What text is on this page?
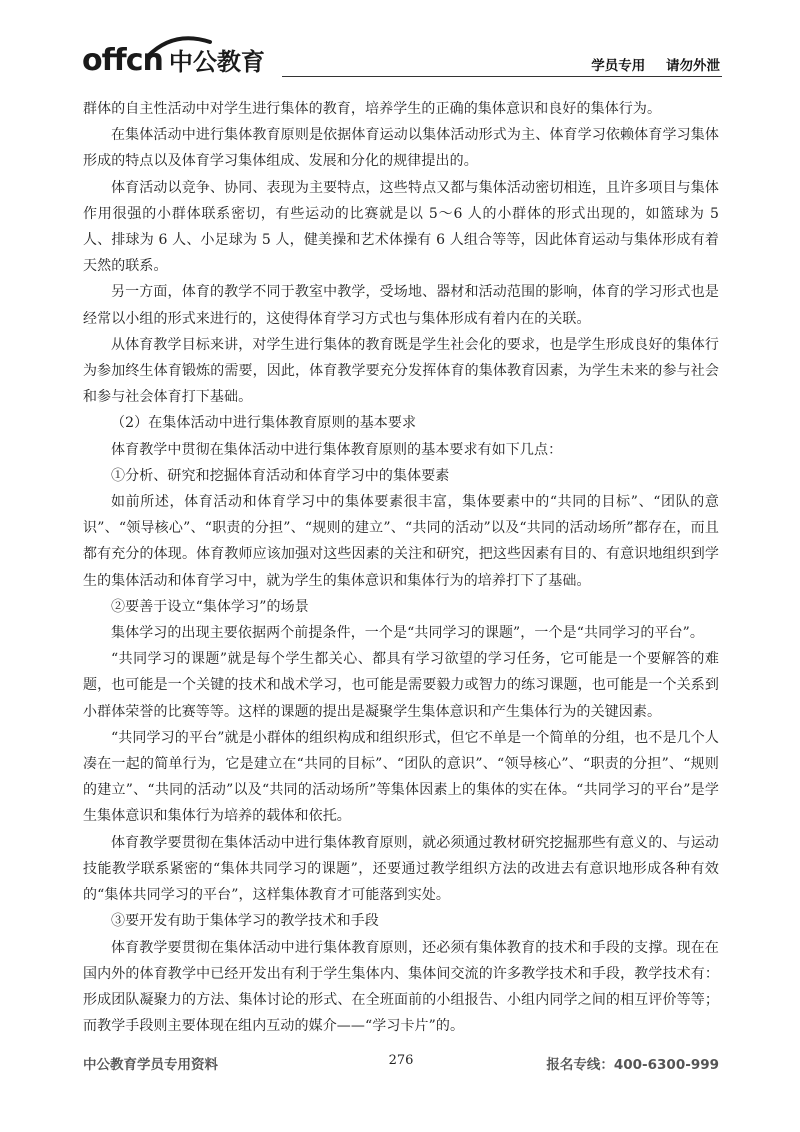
offcn 中公教育	学员专用 请勿外泄

群体的自主性活动中对学生进行集体的教育，培养学生的正确的集体意识和良好的集体行为。

在集体活动中进行集体教育原则是依据体育运动以集体活动形式为主、体育学习依赖体育学习集体形成的特点以及体育学习集体组成、发展和分化的规律提出的。

体育活动以竞争、协同、表现为主要特点，这些特点又都与集体活动密切相连，且许多项目与集体作用很强的小群体联系密切，有些运动的比赛就是以 5～6 人的小群体的形式出现的，如篮球为 5 人、排球为 6 人、小足球为 5 人，健美操和艺术体操有 6 人组合等等，因此体育运动与集体形成有着天然的联系。

另一方面，体育的教学不同于教室中教学，受场地、器材和活动范围的影响，体育的学习形式也是经常以小组的形式来进行的，这使得体育学习方式也与集体形成有着内在的关联。

从体育教学目标来讲，对学生进行集体的教育既是学生社会化的要求，也是学生形成良好的集体行为参加终生体育锻炼的需要，因此，体育教学要充分发挥体育的集体教育因素，为学生未来的参与社会和参与社会体育打下基础。

（2）在集体活动中进行集体教育原则的基本要求

体育教学中贯彻在集体活动中进行集体教育原则的基本要求有如下几点：

①分析、研究和挖掘体育活动和体育学习中的集体要素

如前所述，体育活动和体育学习中的集体要素很丰富，集体要素中的“共同的目标”、“团队的意识”、“领导核心”、“职责的分担”、“规则的建立”、“共同的活动”以及“共同的活动场所”都存在，而且都有充分的体现。体育教师应该加强对这些因素的关注和研究，把这些因素有目的、有意识地组织到学生的集体活动和体育学习中，就为学生的集体意识和集体行为的培养打下了基础。

②要善于设立“集体学习”的场景

集体学习的出现主要依据两个前提条件，一个是“共同学习的课题”，一个是“共同学习的平台”。

“共同学习的课题”就是每个学生都关心、都具有学习欲望的学习任务，它可能是一个要解答的难题，也可能是一个关键的技术和战术学习，也可能是需要毅力或智力的练习课题，也可能是一个关系到小群体荣誉的比赛等等。这样的课题的提出是凝聚学生集体意识和产生集体行为的关键因素。

“共同学习的平台”就是小群体的组织构成和组织形式，但它不单是一个简单的分组，也不是几个人凑在一起的简单行为，它是建立在“共同的目标”、“团队的意识”、“领导核心”、“职责的分担”、“规则的建立”、“共同的活动”以及“共同的活动场所”等集体因素上的集体的实在体。“共同学习的平台”是学生集体意识和集体行为培养的载体和依托。

体育教学要贯彻在集体活动中进行集体教育原则，就必须通过教材研究挖掘那些有意义的、与运动技能教学联系紧密的“集体共同学习的课题”，还要通过教学组织方法的改进去有意识地形成各种有效的“集体共同学习的平台”，这样集体教育才可能落到实处。

③要开发有助于集体学习的教学技术和手段

体育教学要贯彻在集体活动中进行集体教育原则，还必须有集体教育的技术和手段的支撑。现在在国内外的体育教学中已经开发出有利于学生集体内、集体间交流的许多教学技术和手段，教学技术有：形成团队凝聚力的方法、集体讨论的形式、在全班面前的小组报告、小组内同学之间的相互评价等等；而教学手段则主要体现在组内互动的媒介——“学习卡片”的。

中公教育学员专用资料	276	报名专线：400-6300-999
